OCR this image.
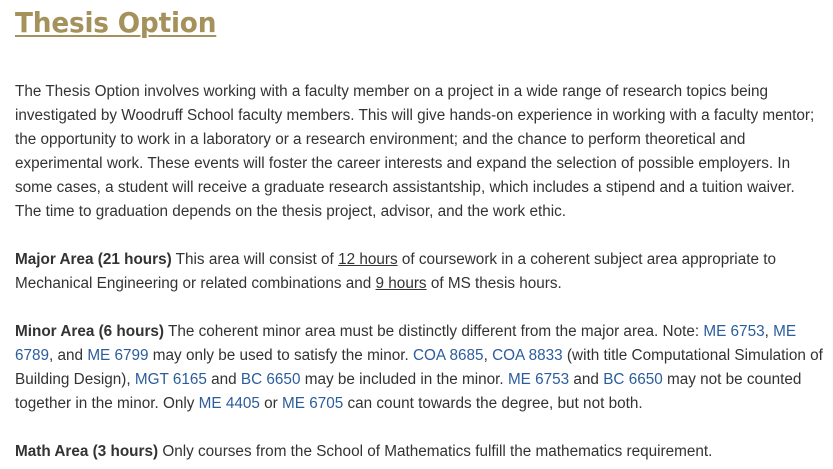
Thesis Option

The Thesis Option involves working with a faculty member on a project in a wide range of research topics being investigated by Woodruff School faculty members. This will give hands-on experience in working with a faculty mentor; the opportunity to work in a laboratory or a research environment; and the chance to perform theoretical and experimental work. These events will foster the career interests and expand the selection of possible employers. In some cases, a student will receive a graduate research assistantship, which includes a stipend and a tuition waiver. The time to graduation depends on the thesis project, advisor, and the work ethic.

Major Area (21 hours) This area will consist of 12 hours of coursework in a coherent subject area appropriate to Mechanical Engineering or related combinations and 9 hours of MS thesis hours.

Minor Area (6 hours) The coherent minor area must be distinctly different from the major area. Note: ME 6753, ME 6789, and ME 6799 may only be used to satisfy the minor. COA 8685, COA 8833 (with title Computational Simulation of Building Design), MGT 6165 and BC 6650 may be included in the minor. ME 6753 and BC 6650 may not be counted together in the minor. Only ME 4405 or ME 6705 can count towards the degree, but not both.

Math Area (3 hours) Only courses from the School of Mathematics fulfill the mathematics requirement.
